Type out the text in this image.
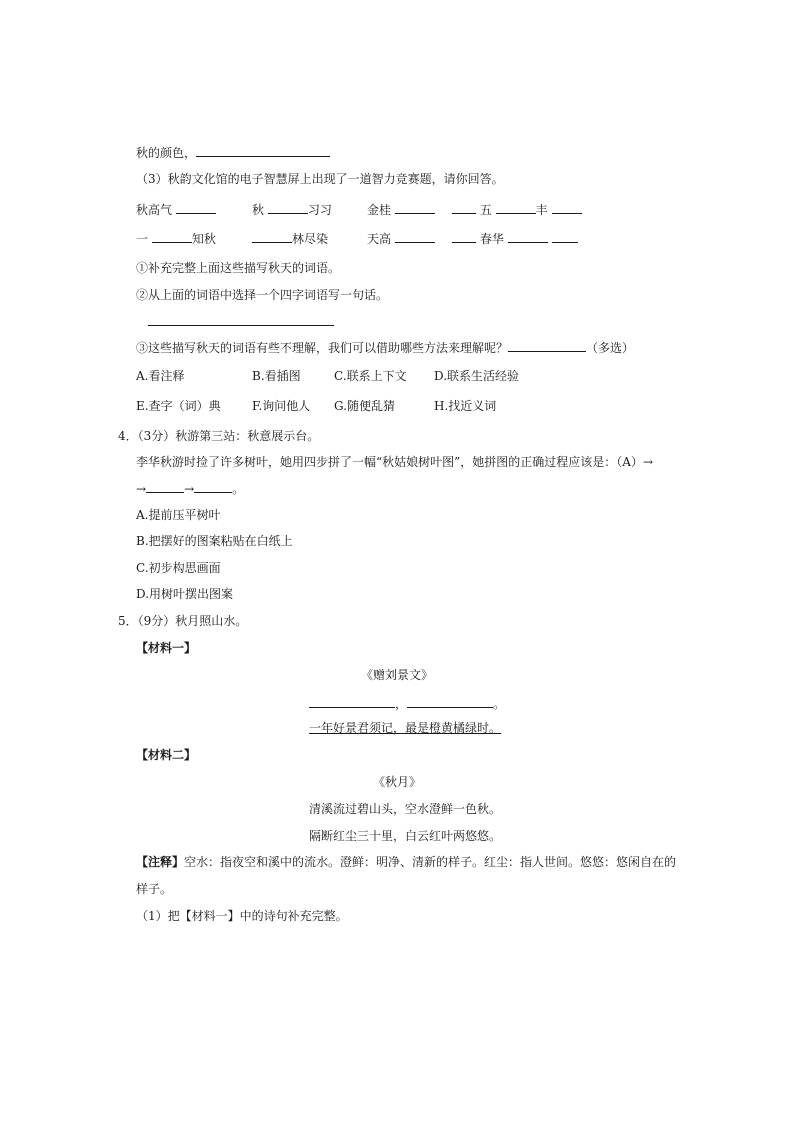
秋的颜色，
（3）秋韵文化馆的电子智慧屏上出现了一道智力竞赛题，请你回答。
秋高气	秋	习习	金桂	五	丰
一	知秋	林尽染	天高	春华
①补充完整上面这些描写秋天的词语。
②从上面的词语中选择一个四字词语写一句话。
③这些描写秋天的词语有些不理解，我们可以借助哪些方法来理解呢？	（多选）
A.看注释	B.看插图	C.联系上下文 D.联系生活经验
E.查字（词）典	F.询问他人 G.随便乱猜	H.找近义词
4．（3分）秋游第三站：秋意展示台。
李华秋游时捡了许多树叶，她用四步拼了一幅“秋姑娘树叶图”，她拼图的正确过程应该是：（A）→
→	→	。
A.提前压平树叶
B.把摆好的图案粘贴在白纸上
C.初步构思画面
D.用树叶摆出图案
5．（9分）秋月照山水。
【材料一】
《赠刘景文》
，	。
一年好景君须记，最是橙黄橘绿时。
【材料二】
《秋月》
清溪流过碧山头，空水澄鲜一色秋。
隔断红尘三十里，白云红叶两悠悠。
【注释】空水：指夜空和溪中的流水。澄鲜：明净、清新的样子。红尘：指人世间。悠悠：悠闲自在的
样子。
（1）把【材料一】中的诗句补充完整。
